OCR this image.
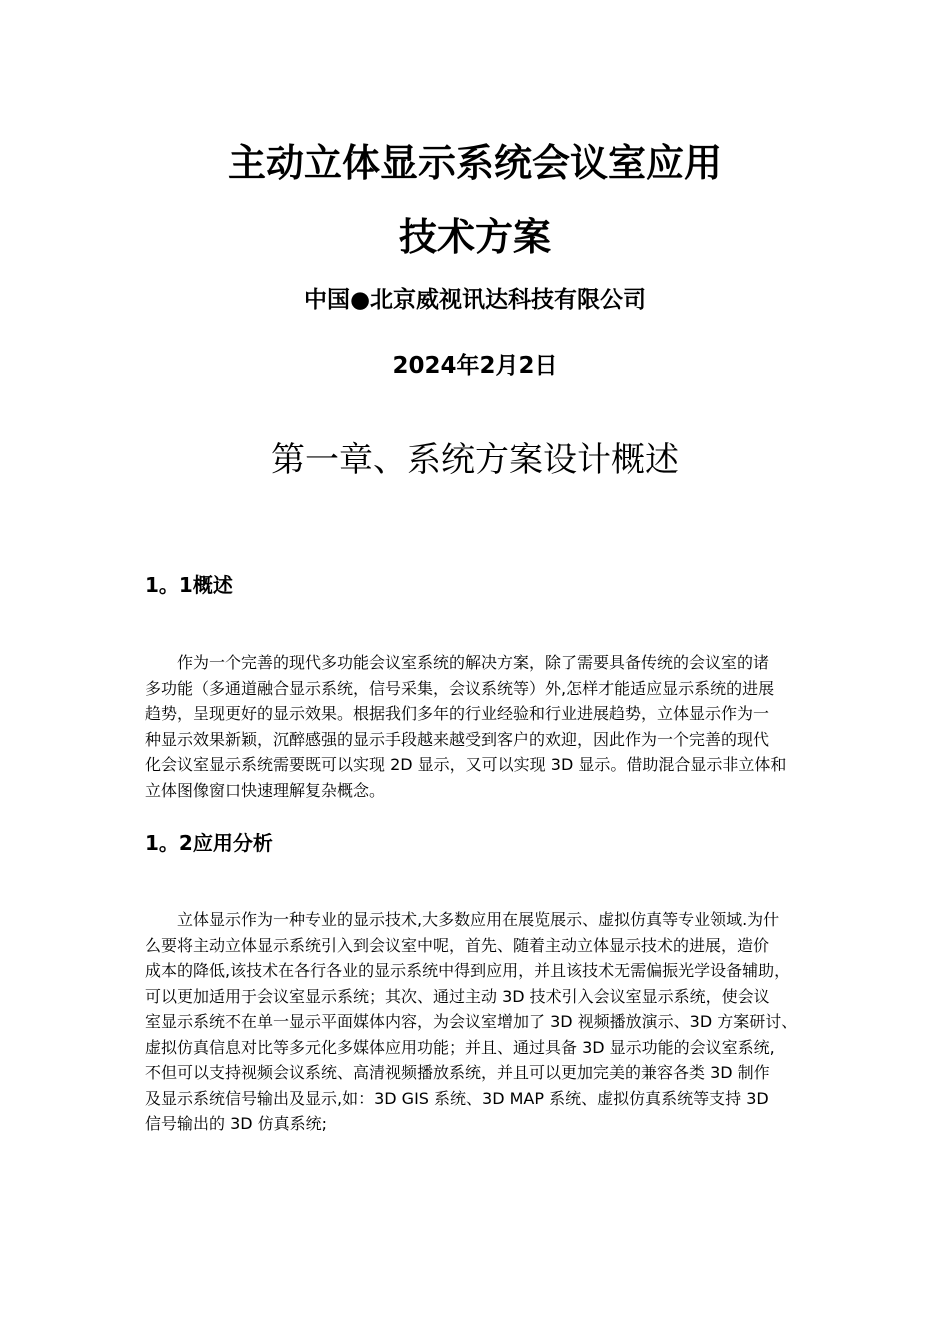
主动立体显示系统会议室应用
技术方案

中国●北京威视讯达科技有限公司

2024年2月2日

第一章、系统方案设计概述
1。1概述
作为一个完善的现代多功能会议室系统的解决方案，除了需要具备传统的会议室的诸
多功能（多通道融合显示系统，信号采集，会议系统等）外,怎样才能适应显示系统的进展
趋势，呈现更好的显示效果。根据我们多年的行业经验和行业进展趋势，立体显示作为一
种显示效果新颖，沉醉感强的显示手段越来越受到客户的欢迎，因此作为一个完善的现代
化会议室显示系统需要既可以实现 2D 显示，又可以实现 3D 显示。借助混合显示非立体和
立体图像窗口快速理解复杂概念。
1。2应用分析
立体显示作为一种专业的显示技术,大多数应用在展览展示、虚拟仿真等专业领域.为什
么要将主动立体显示系统引入到会议室中呢，首先、随着主动立体显示技术的进展，造价
成本的降低,该技术在各行各业的显示系统中得到应用，并且该技术无需偏振光学设备辅助，
可以更加适用于会议室显示系统；其次、通过主动 3D 技术引入会议室显示系统，使会议
室显示系统不在单一显示平面媒体内容，为会议室增加了 3D 视频播放演示、3D 方案研讨、
虚拟仿真信息对比等多元化多媒体应用功能；并且、通过具备 3D 显示功能的会议室系统,
不但可以支持视频会议系统、高清视频播放系统，并且可以更加完美的兼容各类 3D 制作
及显示系统信号输出及显示,如：3D GIS 系统、3D MAP 系统、虚拟仿真系统等支持 3D
信号输出的 3D 仿真系统;
